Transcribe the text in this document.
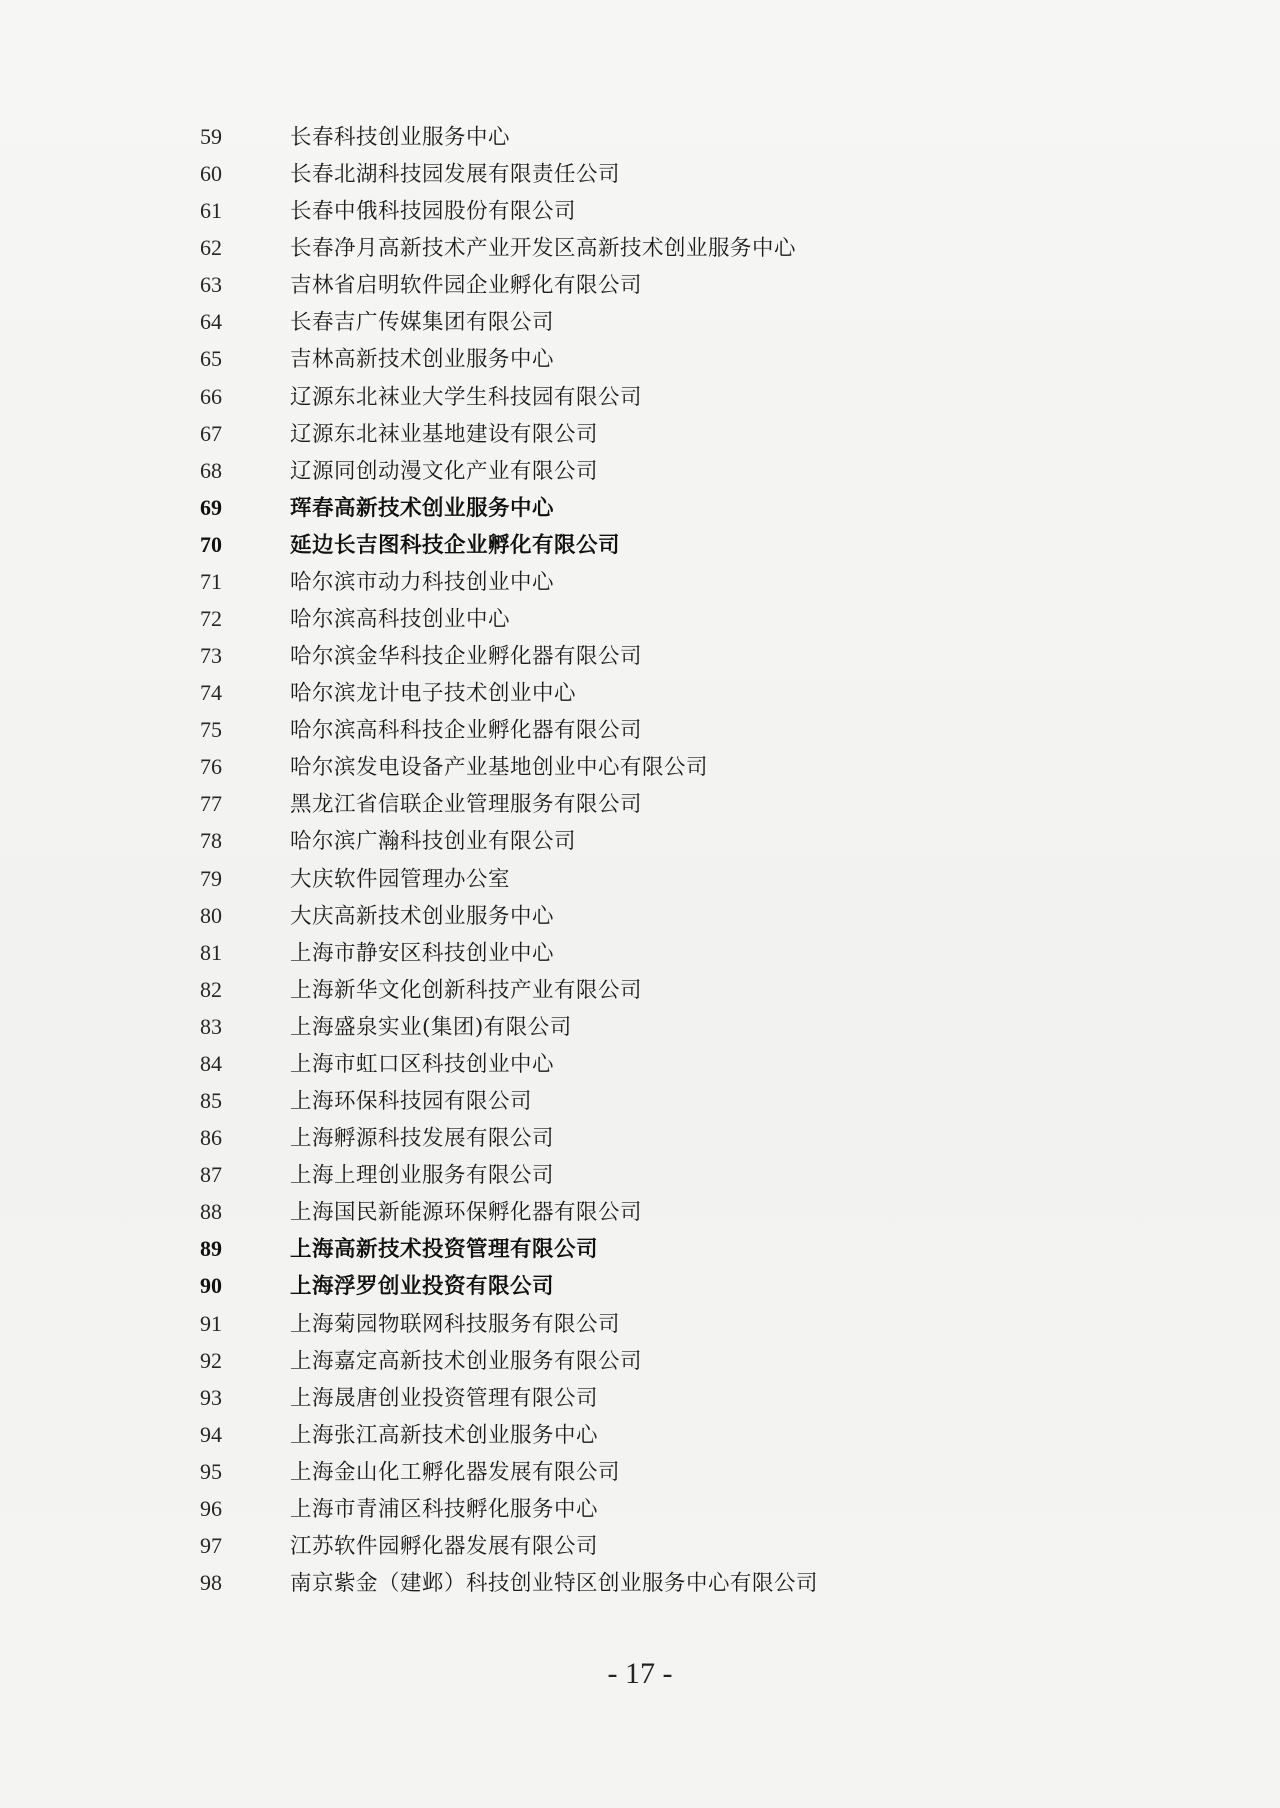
59	长春科技创业服务中心
60	长春北湖科技园发展有限责任公司
61	长春中俄科技园股份有限公司
62	长春净月高新技术产业开发区高新技术创业服务中心
63	吉林省启明软件园企业孵化有限公司
64	长春吉广传媒集团有限公司
65	吉林高新技术创业服务中心
66	辽源东北袜业大学生科技园有限公司
67	辽源东北袜业基地建设有限公司
68	辽源同创动漫文化产业有限公司
69	珲春高新技术创业服务中心
70	延边长吉图科技企业孵化有限公司
71	哈尔滨市动力科技创业中心
72	哈尔滨高科技创业中心
73	哈尔滨金华科技企业孵化器有限公司
74	哈尔滨龙计电子技术创业中心
75	哈尔滨高科科技企业孵化器有限公司
76	哈尔滨发电设备产业基地创业中心有限公司
77	黑龙江省信联企业管理服务有限公司
78	哈尔滨广瀚科技创业有限公司
79	大庆软件园管理办公室
80	大庆高新技术创业服务中心
81	上海市静安区科技创业中心
82	上海新华文化创新科技产业有限公司
83	上海盛泉实业(集团)有限公司
84	上海市虹口区科技创业中心
85	上海环保科技园有限公司
86	上海孵源科技发展有限公司
87	上海上理创业服务有限公司
88	上海国民新能源环保孵化器有限公司
89	上海高新技术投资管理有限公司
90	上海浮罗创业投资有限公司
91	上海菊园物联网科技服务有限公司
92	上海嘉定高新技术创业服务有限公司
93	上海晟唐创业投资管理有限公司
94	上海张江高新技术创业服务中心
95	上海金山化工孵化器发展有限公司
96	上海市青浦区科技孵化服务中心
97	江苏软件园孵化器发展有限公司
98	南京紫金（建邺）科技创业特区创业服务中心有限公司
- 17 -
